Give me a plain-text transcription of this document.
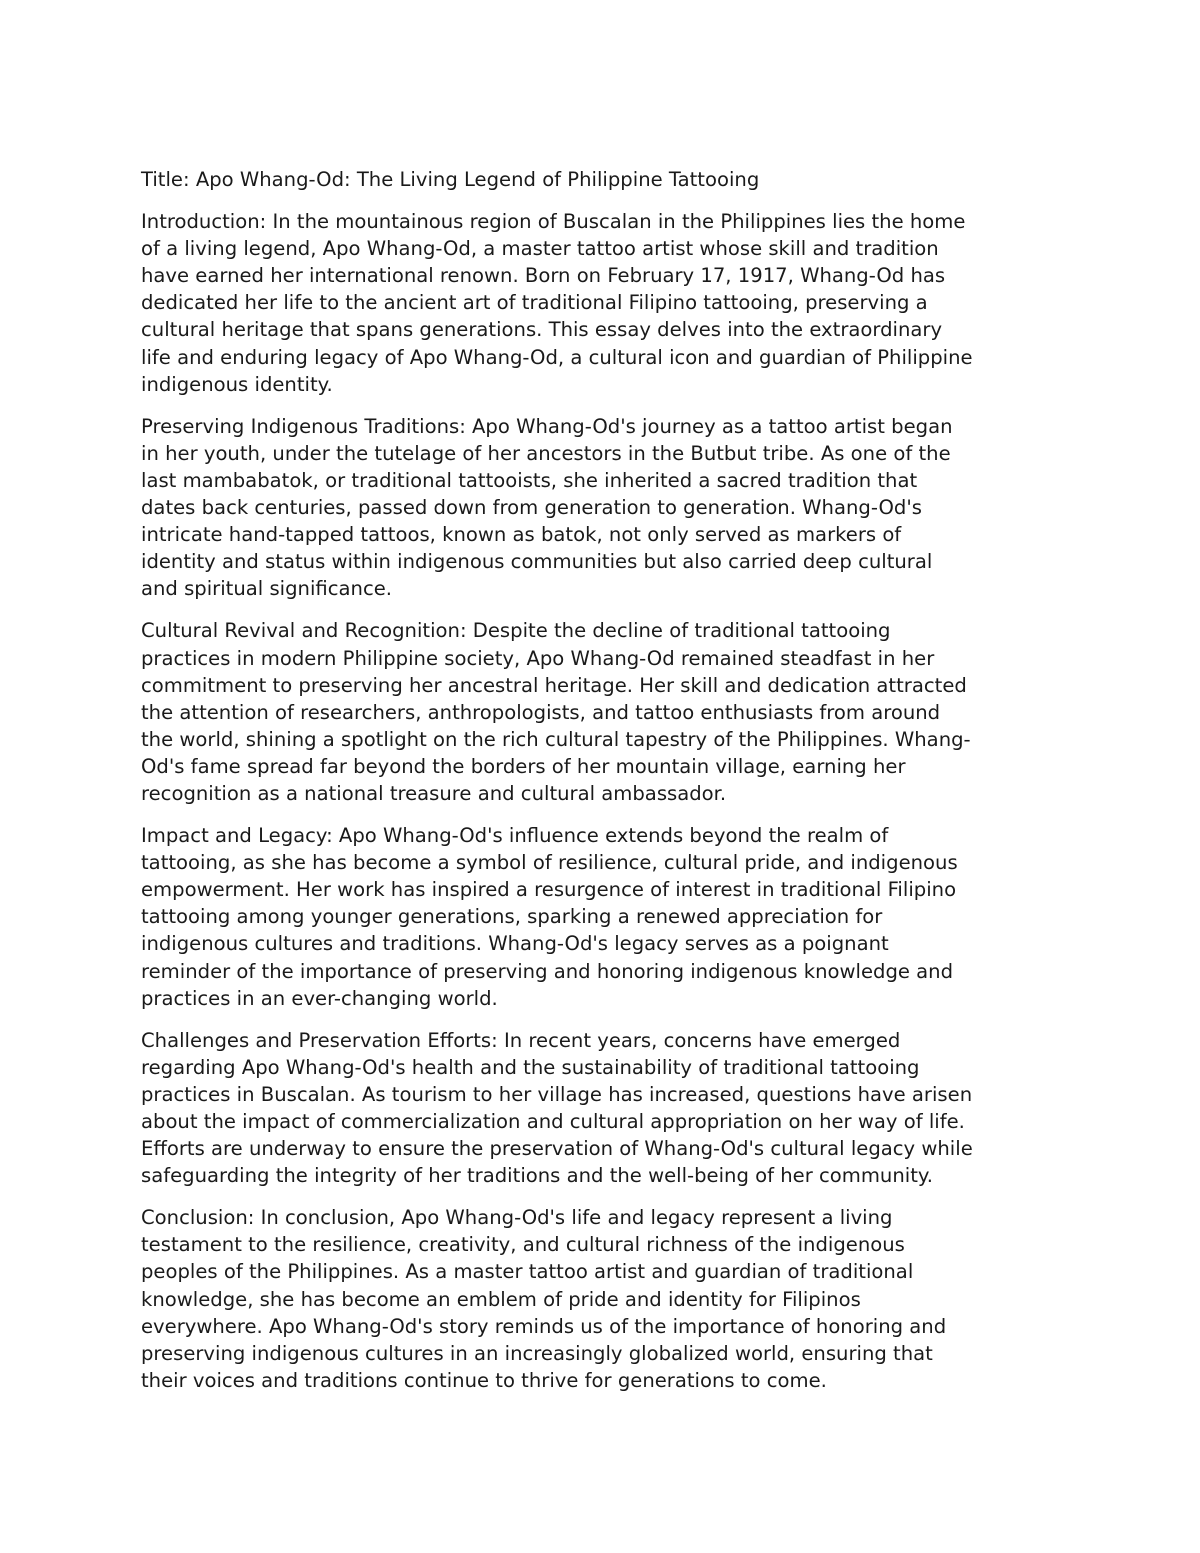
Title: Apo Whang-Od: The Living Legend of Philippine Tattooing

Introduction: In the mountainous region of Buscalan in the Philippines lies the home
of a living legend, Apo Whang-Od, a master tattoo artist whose skill and tradition
have earned her international renown. Born on February 17, 1917, Whang-Od has
dedicated her life to the ancient art of traditional Filipino tattooing, preserving a
cultural heritage that spans generations. This essay delves into the extraordinary
life and enduring legacy of Apo Whang-Od, a cultural icon and guardian of Philippine
indigenous identity.

Preserving Indigenous Traditions: Apo Whang-Od's journey as a tattoo artist began
in her youth, under the tutelage of her ancestors in the Butbut tribe. As one of the
last mambabatok, or traditional tattooists, she inherited a sacred tradition that
dates back centuries, passed down from generation to generation. Whang-Od's
intricate hand-tapped tattoos, known as batok, not only served as markers of
identity and status within indigenous communities but also carried deep cultural
and spiritual significance.

Cultural Revival and Recognition: Despite the decline of traditional tattooing
practices in modern Philippine society, Apo Whang-Od remained steadfast in her
commitment to preserving her ancestral heritage. Her skill and dedication attracted
the attention of researchers, anthropologists, and tattoo enthusiasts from around
the world, shining a spotlight on the rich cultural tapestry of the Philippines. Whang-
Od's fame spread far beyond the borders of her mountain village, earning her
recognition as a national treasure and cultural ambassador.

Impact and Legacy: Apo Whang-Od's influence extends beyond the realm of
tattooing, as she has become a symbol of resilience, cultural pride, and indigenous
empowerment. Her work has inspired a resurgence of interest in traditional Filipino
tattooing among younger generations, sparking a renewed appreciation for
indigenous cultures and traditions. Whang-Od's legacy serves as a poignant
reminder of the importance of preserving and honoring indigenous knowledge and
practices in an ever-changing world.

Challenges and Preservation Efforts: In recent years, concerns have emerged
regarding Apo Whang-Od's health and the sustainability of traditional tattooing
practices in Buscalan. As tourism to her village has increased, questions have arisen
about the impact of commercialization and cultural appropriation on her way of life.
Efforts are underway to ensure the preservation of Whang-Od's cultural legacy while
safeguarding the integrity of her traditions and the well-being of her community.

Conclusion: In conclusion, Apo Whang-Od's life and legacy represent a living
testament to the resilience, creativity, and cultural richness of the indigenous
peoples of the Philippines. As a master tattoo artist and guardian of traditional
knowledge, she has become an emblem of pride and identity for Filipinos
everywhere. Apo Whang-Od's story reminds us of the importance of honoring and
preserving indigenous cultures in an increasingly globalized world, ensuring that
their voices and traditions continue to thrive for generations to come.
